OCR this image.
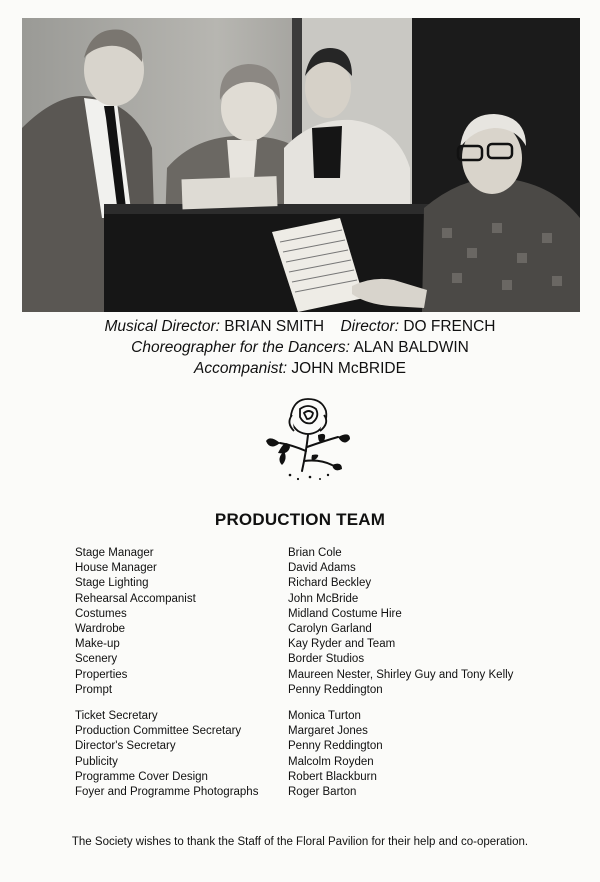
Musical Director: BRIAN SMITH Director: DO FRENCH
Choreographer for the Dancers: ALAN BALDWIN
Accompanist: JOHN McBRIDE
PRODUCTION TEAM
Stage Manager	Brian Cole
House Manager	David Adams
Stage Lighting	Richard Beckley
Rehearsal Accompanist	John McBride
Costumes	Midland Costume Hire
Wardrobe	Carolyn Garland
Make-up	Kay Ryder and Team
Scenery	Border Studios
Properties	Maureen Nester, Shirley Guy and Tony Kelly
Prompt	Penny Reddington
Ticket Secretary	Monica Turton
Production Committee Secretary	Margaret Jones
Director's Secretary	Penny Reddington
Publicity	Malcolm Royden
Programme Cover Design	Robert Blackburn
Foyer and Programme Photographs	Roger Barton
The Society wishes to thank the Staff of the Floral Pavilion for their help and co-operation.
